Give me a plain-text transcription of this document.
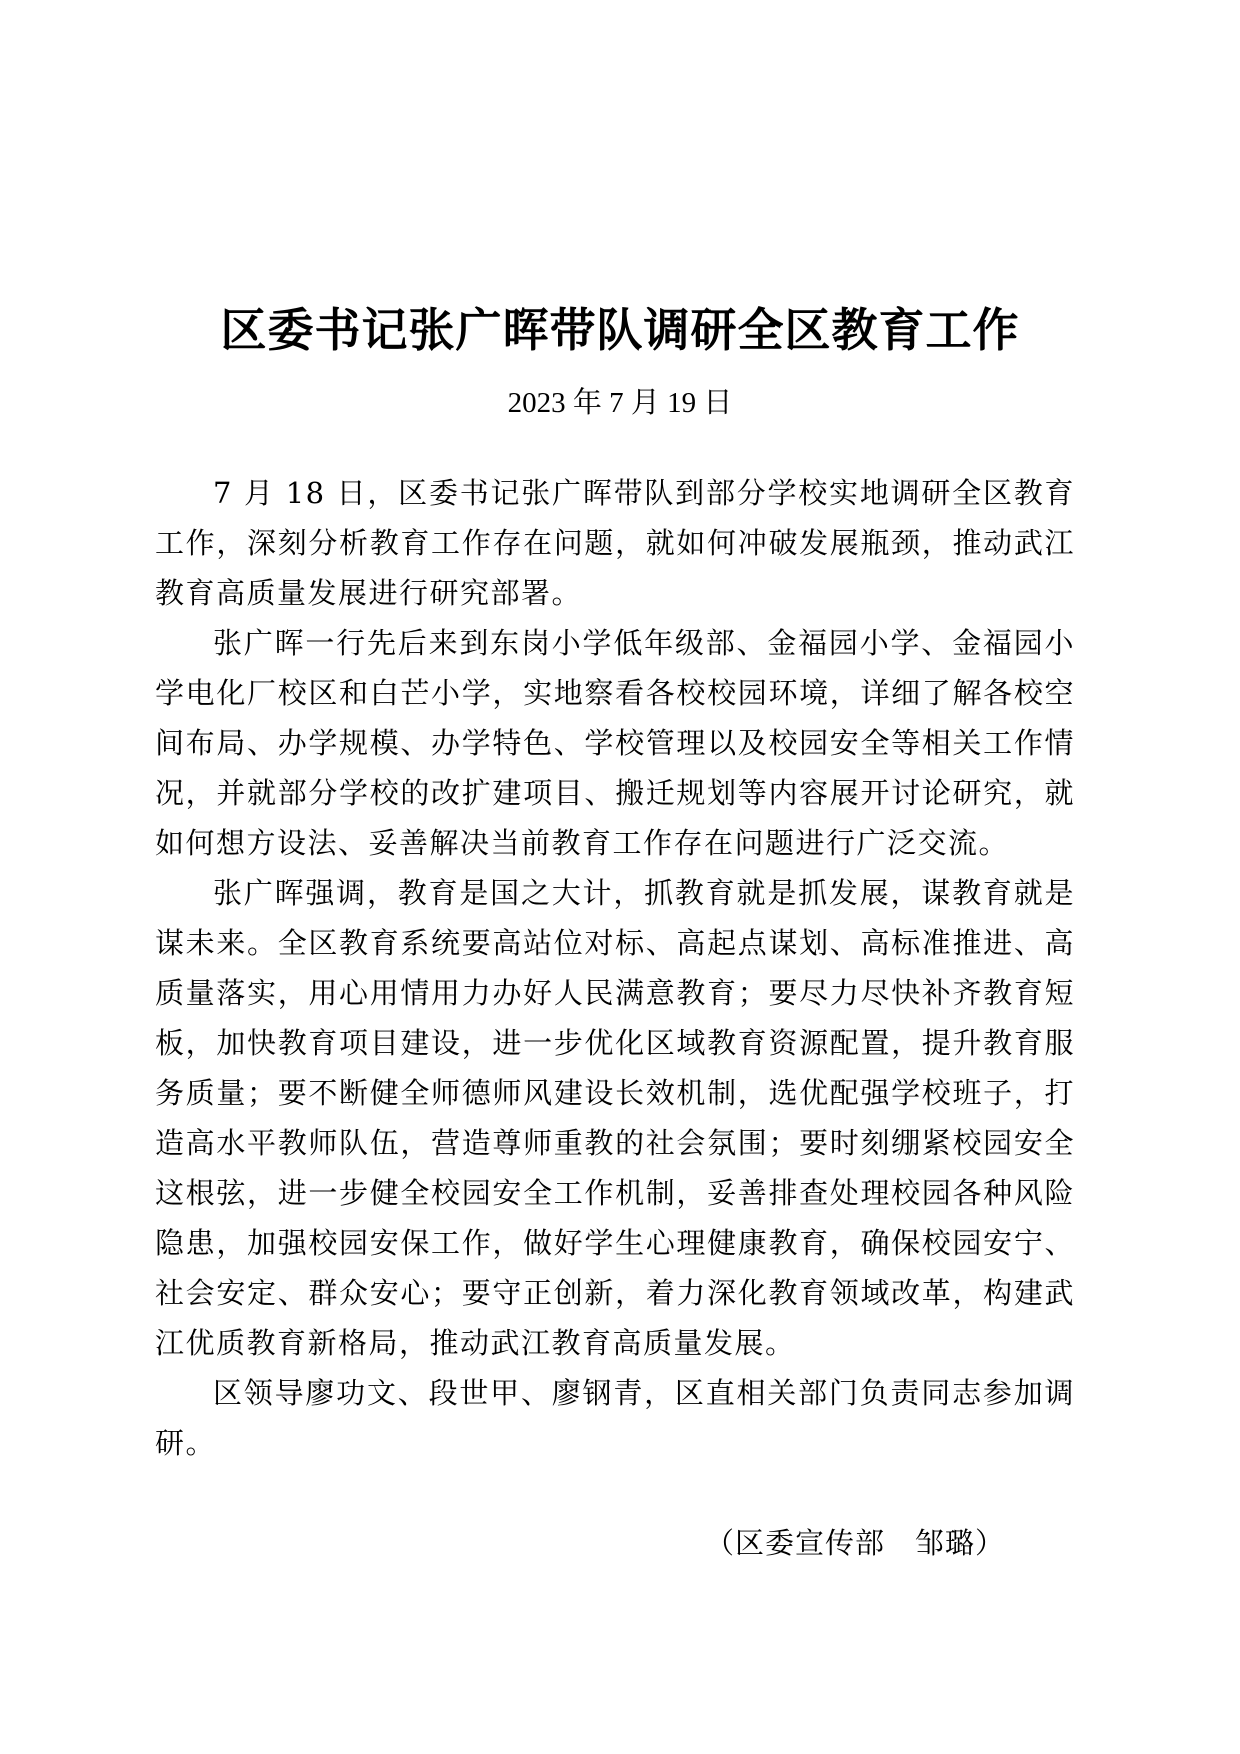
区委书记张广晖带队调研全区教育工作

2023 年 7 月 19 日

7 月 18 日，区委书记张广晖带队到部分学校实地调研全区教育工作，深刻分析教育工作存在问题，就如何冲破发展瓶颈，推动武江教育高质量发展进行研究部署。

张广晖一行先后来到东岗小学低年级部、金福园小学、金福园小学电化厂校区和白芒小学，实地察看各校校园环境，详细了解各校空间布局、办学规模、办学特色、学校管理以及校园安全等相关工作情况，并就部分学校的改扩建项目、搬迁规划等内容展开讨论研究，就如何想方设法、妥善解决当前教育工作存在问题进行广泛交流。

张广晖强调，教育是国之大计，抓教育就是抓发展，谋教育就是谋未来。全区教育系统要高站位对标、高起点谋划、高标准推进、高质量落实，用心用情用力办好人民满意教育；要尽力尽快补齐教育短板，加快教育项目建设，进一步优化区域教育资源配置，提升教育服务质量；要不断健全师德师风建设长效机制，选优配强学校班子，打造高水平教师队伍，营造尊师重教的社会氛围；要时刻绷紧校园安全这根弦，进一步健全校园安全工作机制，妥善排查处理校园各种风险隐患，加强校园安保工作，做好学生心理健康教育，确保校园安宁、社会安定、群众安心；要守正创新，着力深化教育领域改革，构建武江优质教育新格局，推动武江教育高质量发展。

区领导廖功文、段世甲、廖钢青，区直相关部门负责同志参加调研。

（区委宣传部　邹璐）
